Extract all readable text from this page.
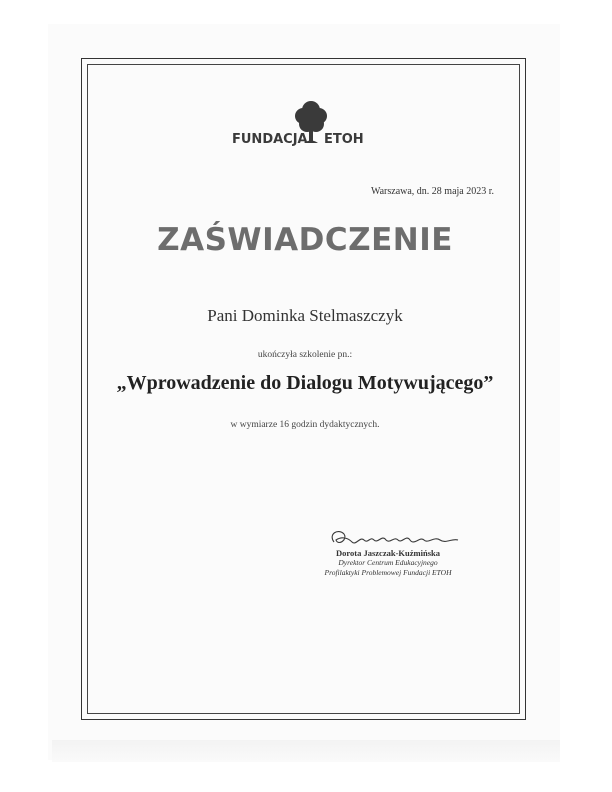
FUNDACJA ETOH
Warszawa, dn. 28 maja 2023 r.
ZAŚWIADCZENIE
Pani Dominka Stelmaszczyk
ukończyła szkolenie pn.:
„Wprowadzenie do Dialogu Motywującego”
w wymiarze 16 godzin dydaktycznych.
Dorota Jaszczak-Kuźmińska
Dyrektor Centrum Edukacyjnego
Profilaktyki Problemowej Fundacji ETOH
